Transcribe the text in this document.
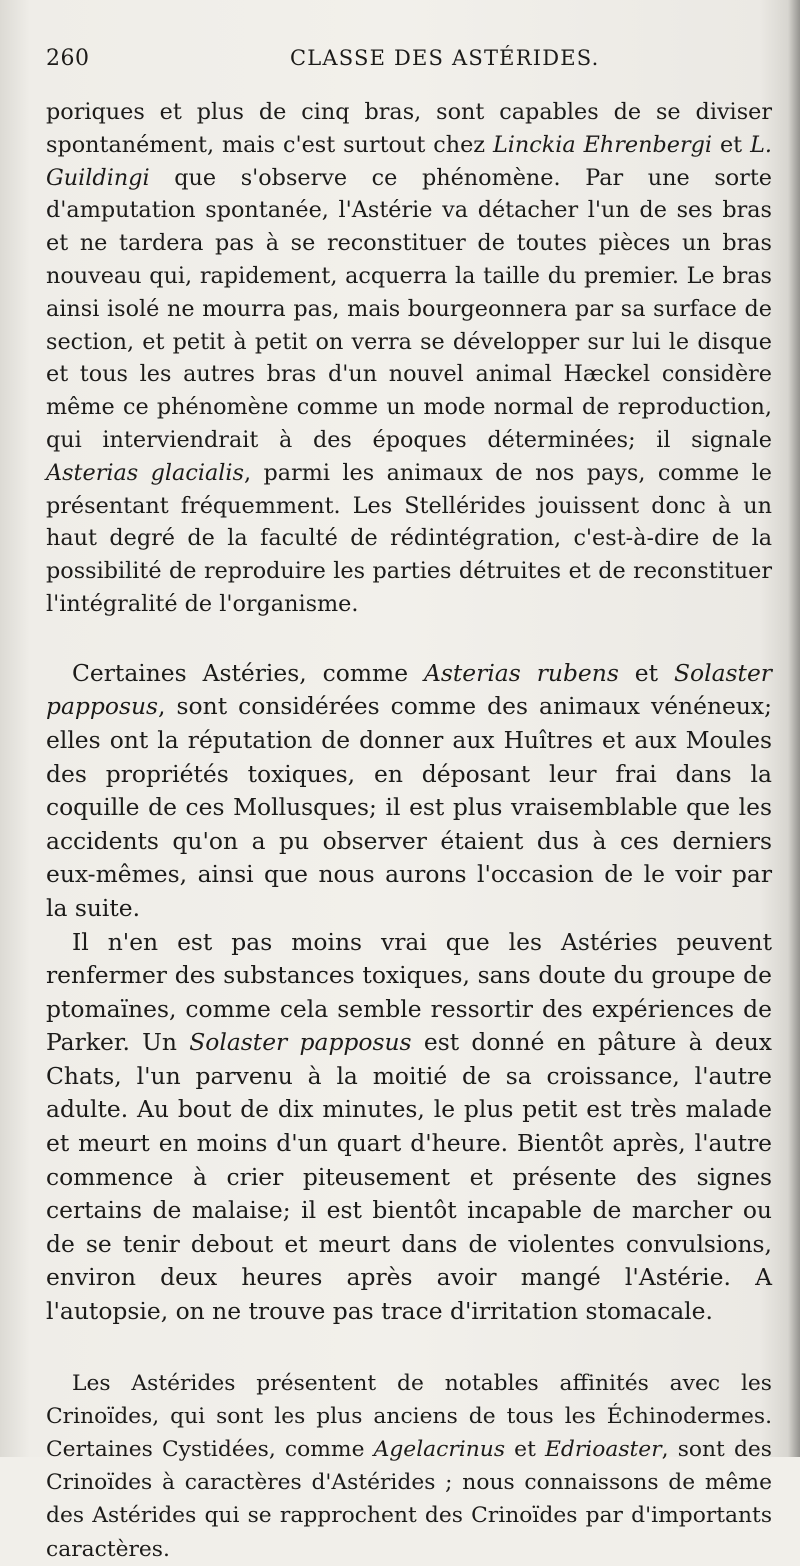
260	CLASSE DES ASTÉRIDES.

poriques et plus de cinq bras, sont capables de se diviser spontanément, mais c'est surtout chez Linckia Ehrenbergi et L. Guildingi que s'observe ce phénomène. Par une sorte d'amputation spontanée, l'Astérie va détacher l'un de ses bras et ne tardera pas à se reconstituer de toutes pièces un bras nouveau qui, rapidement, acquerra la taille du premier. Le bras ainsi isolé ne mourra pas, mais bourgeonnera par sa surface de section, et petit à petit on verra se développer sur lui le disque et tous les autres bras d'un nouvel animal Hæckel considère même ce phénomène comme un mode normal de reproduction, qui interviendrait à des époques déterminées; il signale Asterias glacialis, parmi les animaux de nos pays, comme le présentant fréquemment. Les Stellérides jouissent donc à un haut degré de la faculté de rédintégration, c'est-à-dire de la possibilité de reproduire les parties détruites et de reconstituer l'intégralité de l'organisme.

Certaines Astéries, comme Asterias rubens et Solaster papposus, sont considérées comme des animaux vénéneux; elles ont la réputation de donner aux Huîtres et aux Moules des propriétés toxiques, en déposant leur frai dans la coquille de ces Mollusques; il est plus vraisemblable que les accidents qu'on a pu observer étaient dus à ces derniers eux-mêmes, ainsi que nous aurons l'occasion de le voir par la suite.

Il n'en est pas moins vrai que les Astéries peuvent renfermer des substances toxiques, sans doute du groupe de ptomaïnes, comme cela semble ressortir des expériences de Parker. Un Solaster papposus est donné en pâture à deux Chats, l'un parvenu à la moitié de sa croissance, l'autre adulte. Au bout de dix minutes, le plus petit est très malade et meurt en moins d'un quart d'heure. Bientôt après, l'autre commence à crier piteusement et présente des signes certains de malaise; il est bientôt incapable de marcher ou de se tenir debout et meurt dans de violentes convulsions, environ deux heures après avoir mangé l'Astérie. A l'autopsie, on ne trouve pas trace d'irritation stomacale.

Les Astérides présentent de notables affinités avec les Crinoïdes, qui sont les plus anciens de tous les Échinodermes. Certaines Cystidées, comme Agelacrinus et Edrioaster, sont des Crinoïdes à caractères d'Astérides ; nous connaissons de même des Astérides qui se rapprochent des Crinoïdes par d'importants caractères.
